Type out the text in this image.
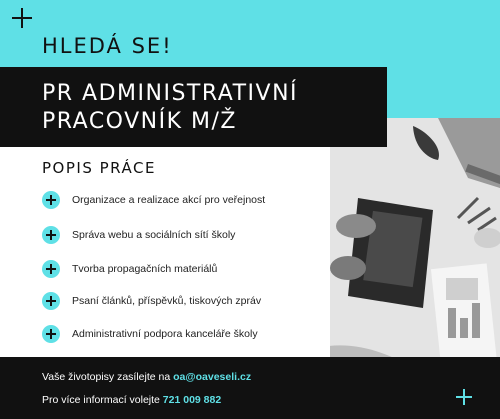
HLEDÁ SE!
PR ADMINISTRATIVNÍ
PRACOVNÍK M/Ž
POPIS PRÁCE
Organizace a realizace akcí pro veřejnost
Správa webu a sociálních sítí školy
Tvorba propagačních materiálů
Psaní článků, příspěvků, tiskových zpráv
Administrativní podpora kanceláře školy
Vaše životopisy zasílejte na oa@oaveseli.cz
Pro více informací volejte 721 009 882
